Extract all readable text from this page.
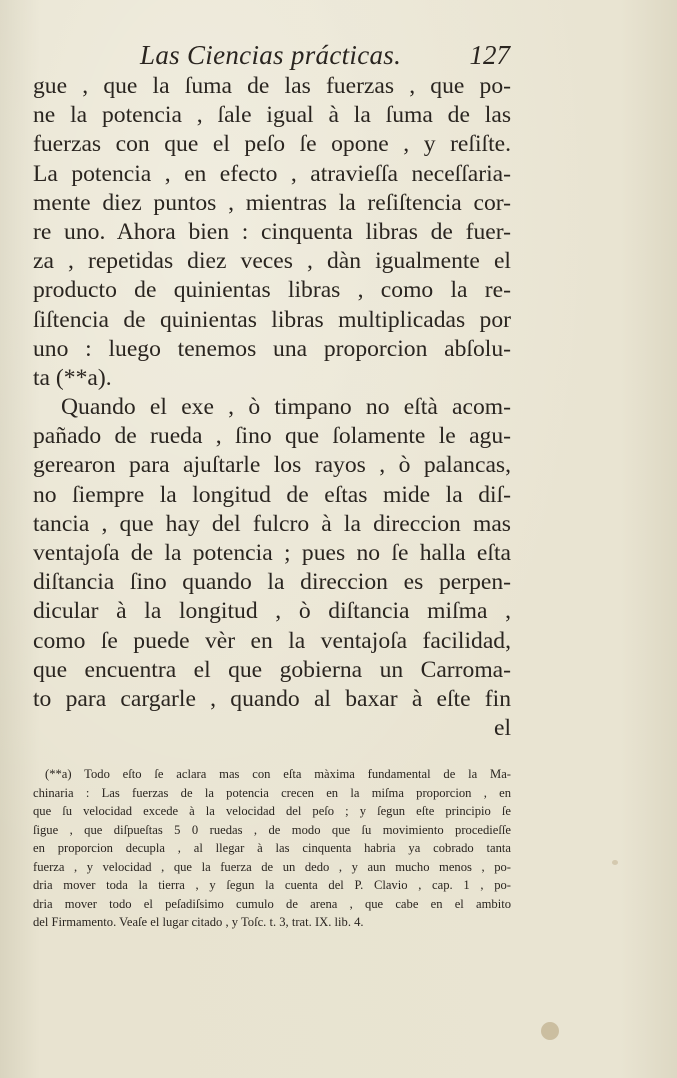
Las Ciencias prácticas.	127
gue , que la ſuma de las fuerzas , que po-
ne la potencia , ſale igual à la ſuma de las
fuerzas con que el peſo ſe opone , y reſiſte.
La potencia , en efecto , atravieſſa neceſſaria-
mente diez puntos , mientras la reſiſtencia cor-
re uno. Ahora bien : cinquenta libras de fuer-
za , repetidas diez veces , dàn igualmente el
producto de quinientas libras , como la re-
ſiſtencia de quinientas libras multiplicadas por
uno : luego tenemos una proporcion abſolu-
ta (**a).
Quando el exe , ò timpano no eſtà acom-
pañado de rueda , ſino que ſolamente le agu-
gerearon para ajuſtarle los rayos , ò palancas,
no ſiempre la longitud de eſtas mide la diſ-
tancia , que hay del fulcro à la direccion mas
ventajoſa de la potencia ; pues no ſe halla eſta
diſtancia ſino quando la direccion es perpen-
dicular à la longitud , ò diſtancia miſma ,
como ſe puede vèr en la ventajoſa facilidad,
que encuentra el que gobierna un Carroma-
to para cargarle , quando al baxar à eſte fin
el
(**a) Todo eſto ſe aclara mas con eſta màxima fundamental de la Ma-
chinaria : Las fuerzas de la potencia crecen en la miſma proporcion , en
que ſu velocidad excede à la velocidad del peſo ; y ſegun eſte principio ſe
ſigue , que diſpueſtas 5 0 ruedas , de modo que ſu movimiento procedieſſe
en proporcion decupla , al llegar à las cinquenta habria ya cobrado tanta
fuerza , y velocidad , que la fuerza de un dedo , y aun mucho menos , po-
dria mover toda la tierra , y ſegun la cuenta del P. Clavio , cap. 1 , po-
dria mover todo el peſadiſsimo cumulo de arena , que cabe en el ambito
del Firmamento. Veaſe el lugar citado , y Toſc. t. 3, trat. IX. lib. 4.
